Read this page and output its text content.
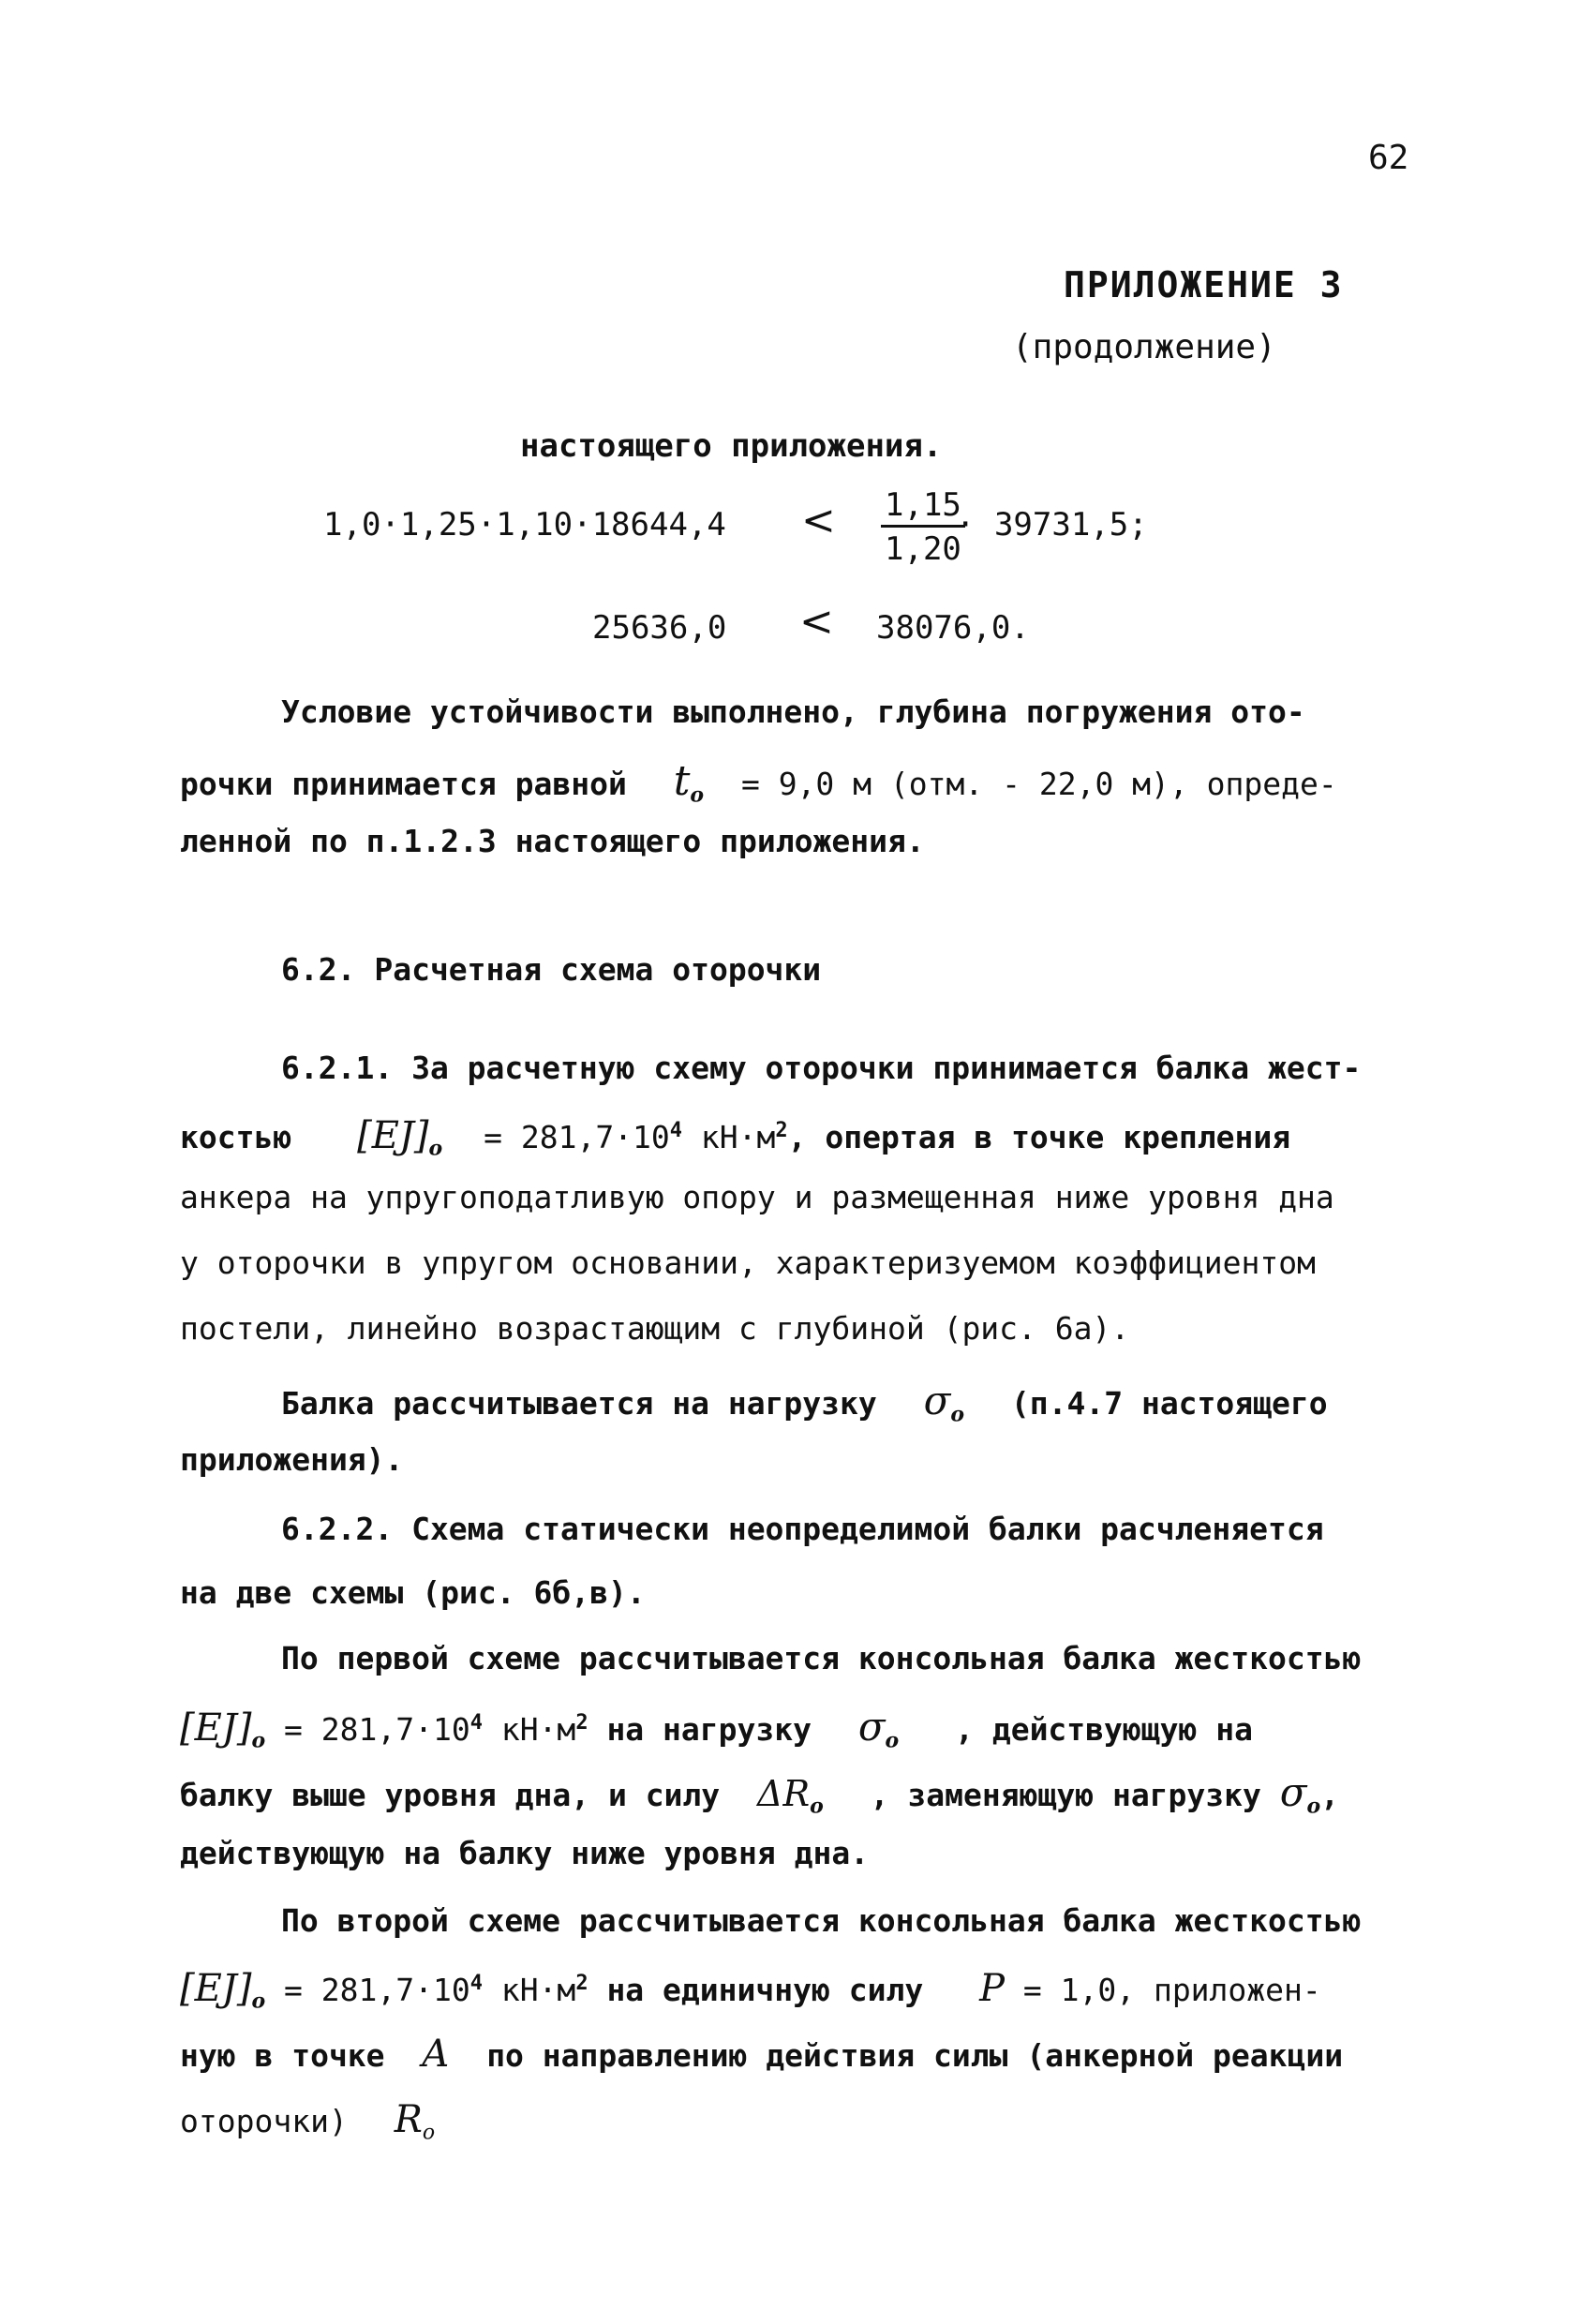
62
ПРИЛОЖЕНИЕ 3
(продолжение)
настоящего приложения.
$1,0\cdot 1,25\cdot 1,10\cdot 18644,4 < \frac{1,15}{1,20}$
· 39731,5;
25636,0 < 38076,0.
Условие устойчивости выполнено, глубина погружения ото-
рочки принимается равной $t_o = 9,0$ м (отм. - 22,0 м), опреде-
ленной по п.1.2.3 настоящего приложения.
6.2. Расчетная схема оторочки
6.2.1. За расчетную схему оторочки принимается балка жест-
костью $[EJ]_o = 281,7\cdot 10^4$ $кН\cdot м^2$, опертая в точке крепления
анкера на упругоподатливую опору и размещенная ниже уровня дна
у оторочки в упругом основании, характеризуемом коэффициентом
постели, линейно возрастающим с глубиной (рис. 6а).
Балка рассчитывается на нагрузку $\sigma_o$ (п.4.7 настоящего
приложения).
6.2.2. Схема статически неопределимой балки расчленяется
на две схемы (рис. 6б,в).
По первой схеме рассчитывается консольная балка жесткостью
$[EJ]_o = 281,7\cdot 10^4$ $кН\cdot м^2$ на нагрузку $\sigma_o$ , действующую на
балку выше уровня дна, и силу $\Delta R_o$ , заменяющую нагрузку $\sigma_o$,
действующую на балку ниже уровня дна.
По второй схеме рассчитывается консольная балка жесткостью
$[EJ]_o = 281,7\cdot 10^4$ $кН\cdot м^2$ на единичную силу P = 1,0, приложен-
ную в точке A по направлению действия силы (анкерной реакции
оторочки) $R_o$
